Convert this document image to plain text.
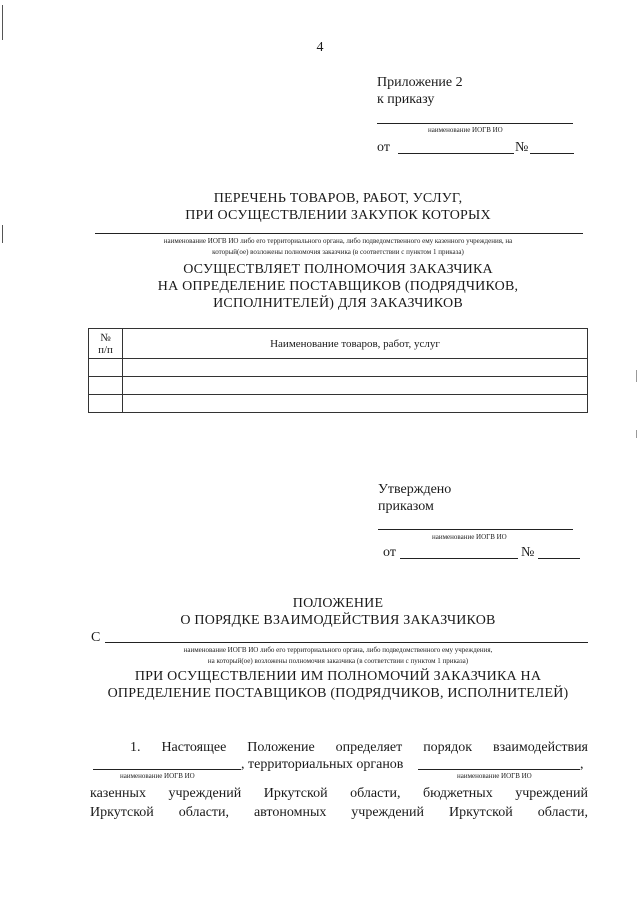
4
Приложение 2
к приказу
наименование ИОГВ ИО
от	№
ПЕРЕЧЕНЬ ТОВАРОВ, РАБОТ, УСЛУГ,
ПРИ ОСУЩЕСТВЛЕНИИ ЗАКУПОК КОТОРЫХ
наименование ИОГВ ИО либо его территориального органа, либо подведомственного ему казенного учреждения, на
который(ое) возложены полномочия заказчика (в соответствии с пунктом 1 приказа)
ОСУЩЕСТВЛЯЕТ ПОЛНОМОЧИЯ ЗАКАЗЧИКА
НА ОПРЕДЕЛЕНИЕ ПОСТАВЩИКОВ (ПОДРЯДЧИКОВ,
ИСПОЛНИТЕЛЕЙ) ДЛЯ ЗАКАЗЧИКОВ
№
п/п	Наименование товаров, работ, услуг

Утверждено
приказом
наименование ИОГВ ИО
от	№
ПОЛОЖЕНИЕ
О ПОРЯДКЕ ВЗАИМОДЕЙСТВИЯ ЗАКАЗЧИКОВ
С
наименование ИОГВ ИО либо его территориального органа, либо подведомственного ему учреждения,
на который(ое) возложены полномочия заказчика (в соответствии с пунктом 1 приказа)
ПРИ ОСУЩЕСТВЛЕНИИ ИМ ПОЛНОМОЧИЙ ЗАКАЗЧИКА НА
ОПРЕДЕЛЕНИЕ ПОСТАВЩИКОВ (ПОДРЯДЧИКОВ, ИСПОЛНИТЕЛЕЙ)
1. Настоящее Положение определяет порядок взаимодействия
, территориальных органов	,
наименование ИОГВ ИО	наименование ИОГВ ИО
казенных учреждений Иркутской области, бюджетных учреждений
Иркутской области, автономных учреждений Иркутской области,
